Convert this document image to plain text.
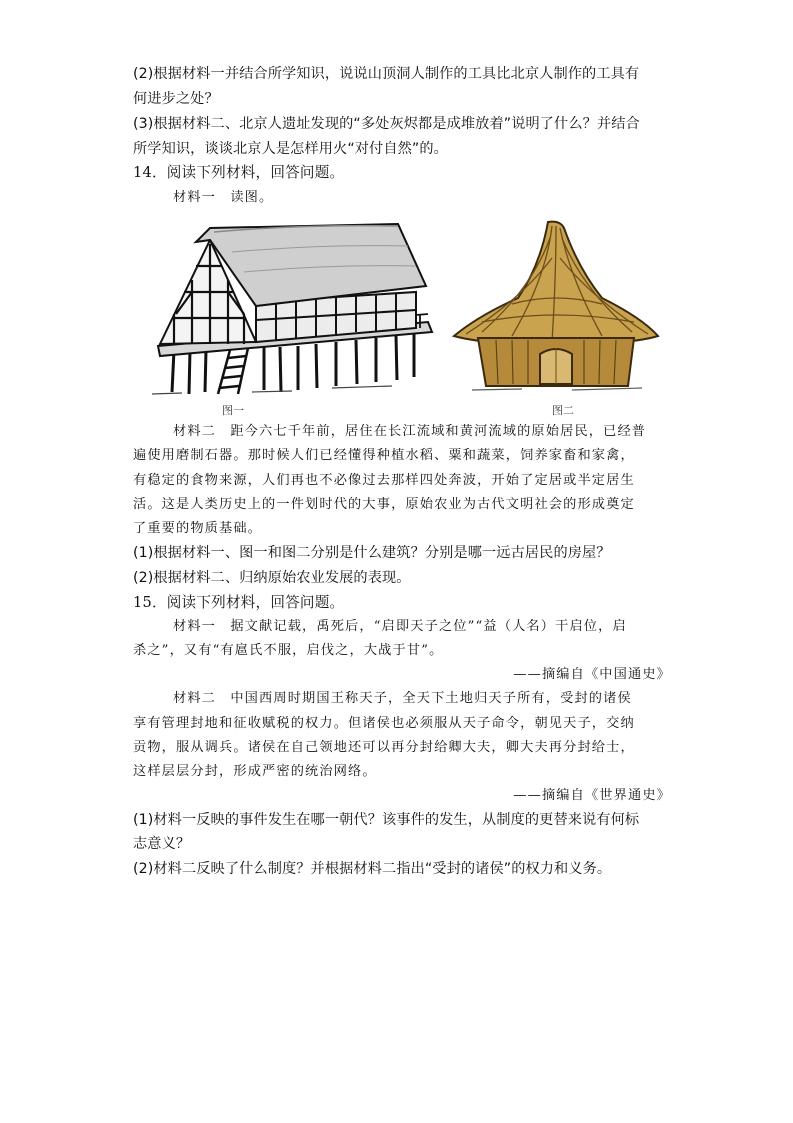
(2)根据材料一并结合所学知识，说说山顶洞人制作的工具比北京人制作的工具有
何进步之处？
(3)根据材料二、北京人遗址发现的“多处灰烬都是成堆放着”说明了什么？并结合
所学知识，谈谈北京人是怎样用火“对付自然”的。
14．阅读下列材料，回答问题。
材料一　读图。
图一	图二
材料二　距今六七千年前，居住在长江流域和黄河流域的原始居民，已经普
遍使用磨制石器。那时候人们已经懂得种植水稻、粟和蔬菜，饲养家畜和家禽，
有稳定的食物来源，人们再也不必像过去那样四处奔波，开始了定居或半定居生
活。这是人类历史上的一件划时代的大事，原始农业为古代文明社会的形成奠定
了重要的物质基础。
(1)根据材料一、图一和图二分别是什么建筑？分别是哪一远古居民的房屋？
(2)根据材料二、归纳原始农业发展的表现。
15．阅读下列材料，回答问题。
材料一　据文献记载，禹死后，“启即天子之位”“益（人名）干启位，启
杀之”，又有“有扈氏不服，启伐之，大战于甘”。
——摘编自《中国通史》
材料二　中国西周时期国王称天子，全天下土地归天子所有，受封的诸侯
享有管理封地和征收赋税的权力。但诸侯也必须服从天子命令，朝见天子，交纳
贡物，服从调兵。诸侯在自己领地还可以再分封给卿大夫，卿大夫再分封给士，
这样层层分封，形成严密的统治网络。
——摘编自《世界通史》
(1)材料一反映的事件发生在哪一朝代？该事件的发生，从制度的更替来说有何标
志意义？
(2)材料二反映了什么制度？并根据材料二指出“受封的诸侯”的权力和义务。
